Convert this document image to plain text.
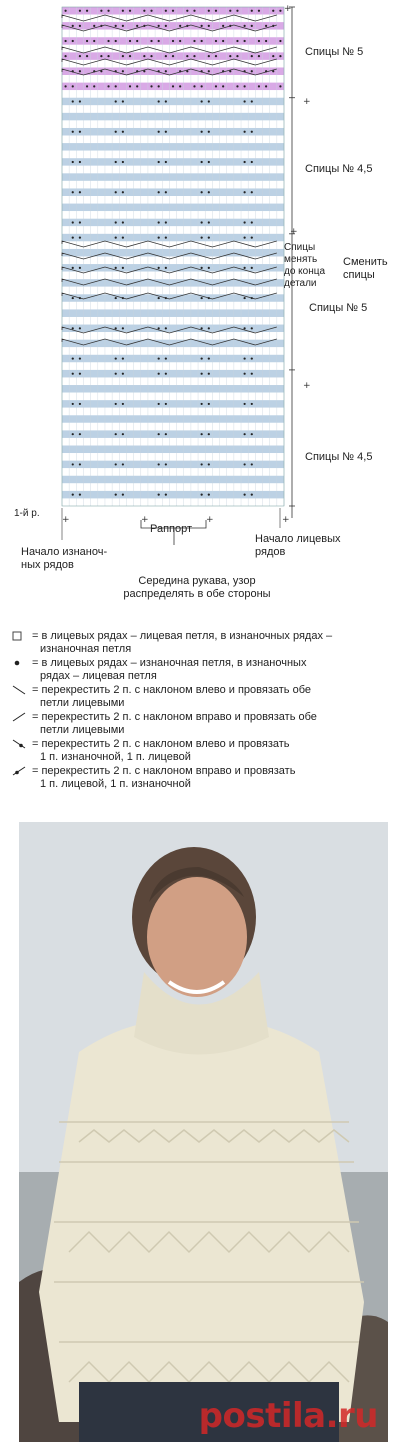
+
+
+
+
+
+	+	+
Спицы № 5
Спицы № 4,5
Спицы № 5
Спицы № 4,5
Спицы
менять
до конца
детали
Сменить
спицы
1-й р.
Раппорт
Начало изнаноч-
ных рядов
Начало лицевых
рядов
Середина рукава, узор
распределять в обе стороны
= в лицевых рядах – лицевая петля, в изнаночных рядах –
изнаночная петля
= в лицевых рядах – изнаночная петля, в изнаночных
рядах – лицевая петля
= перекрестить 2 п. с наклоном влево и провязать обе
петли лицевыми
= перекрестить 2 п. с наклоном вправо и провязать обе
петли лицевыми
= перекрестить 2 п. с наклоном влево и провязать
1 п. изнаночной, 1 п. лицевой
= перекрестить 2 п. с наклоном вправо и провязать
1 п. лицевой, 1 п. изнаночной
postila.ru
